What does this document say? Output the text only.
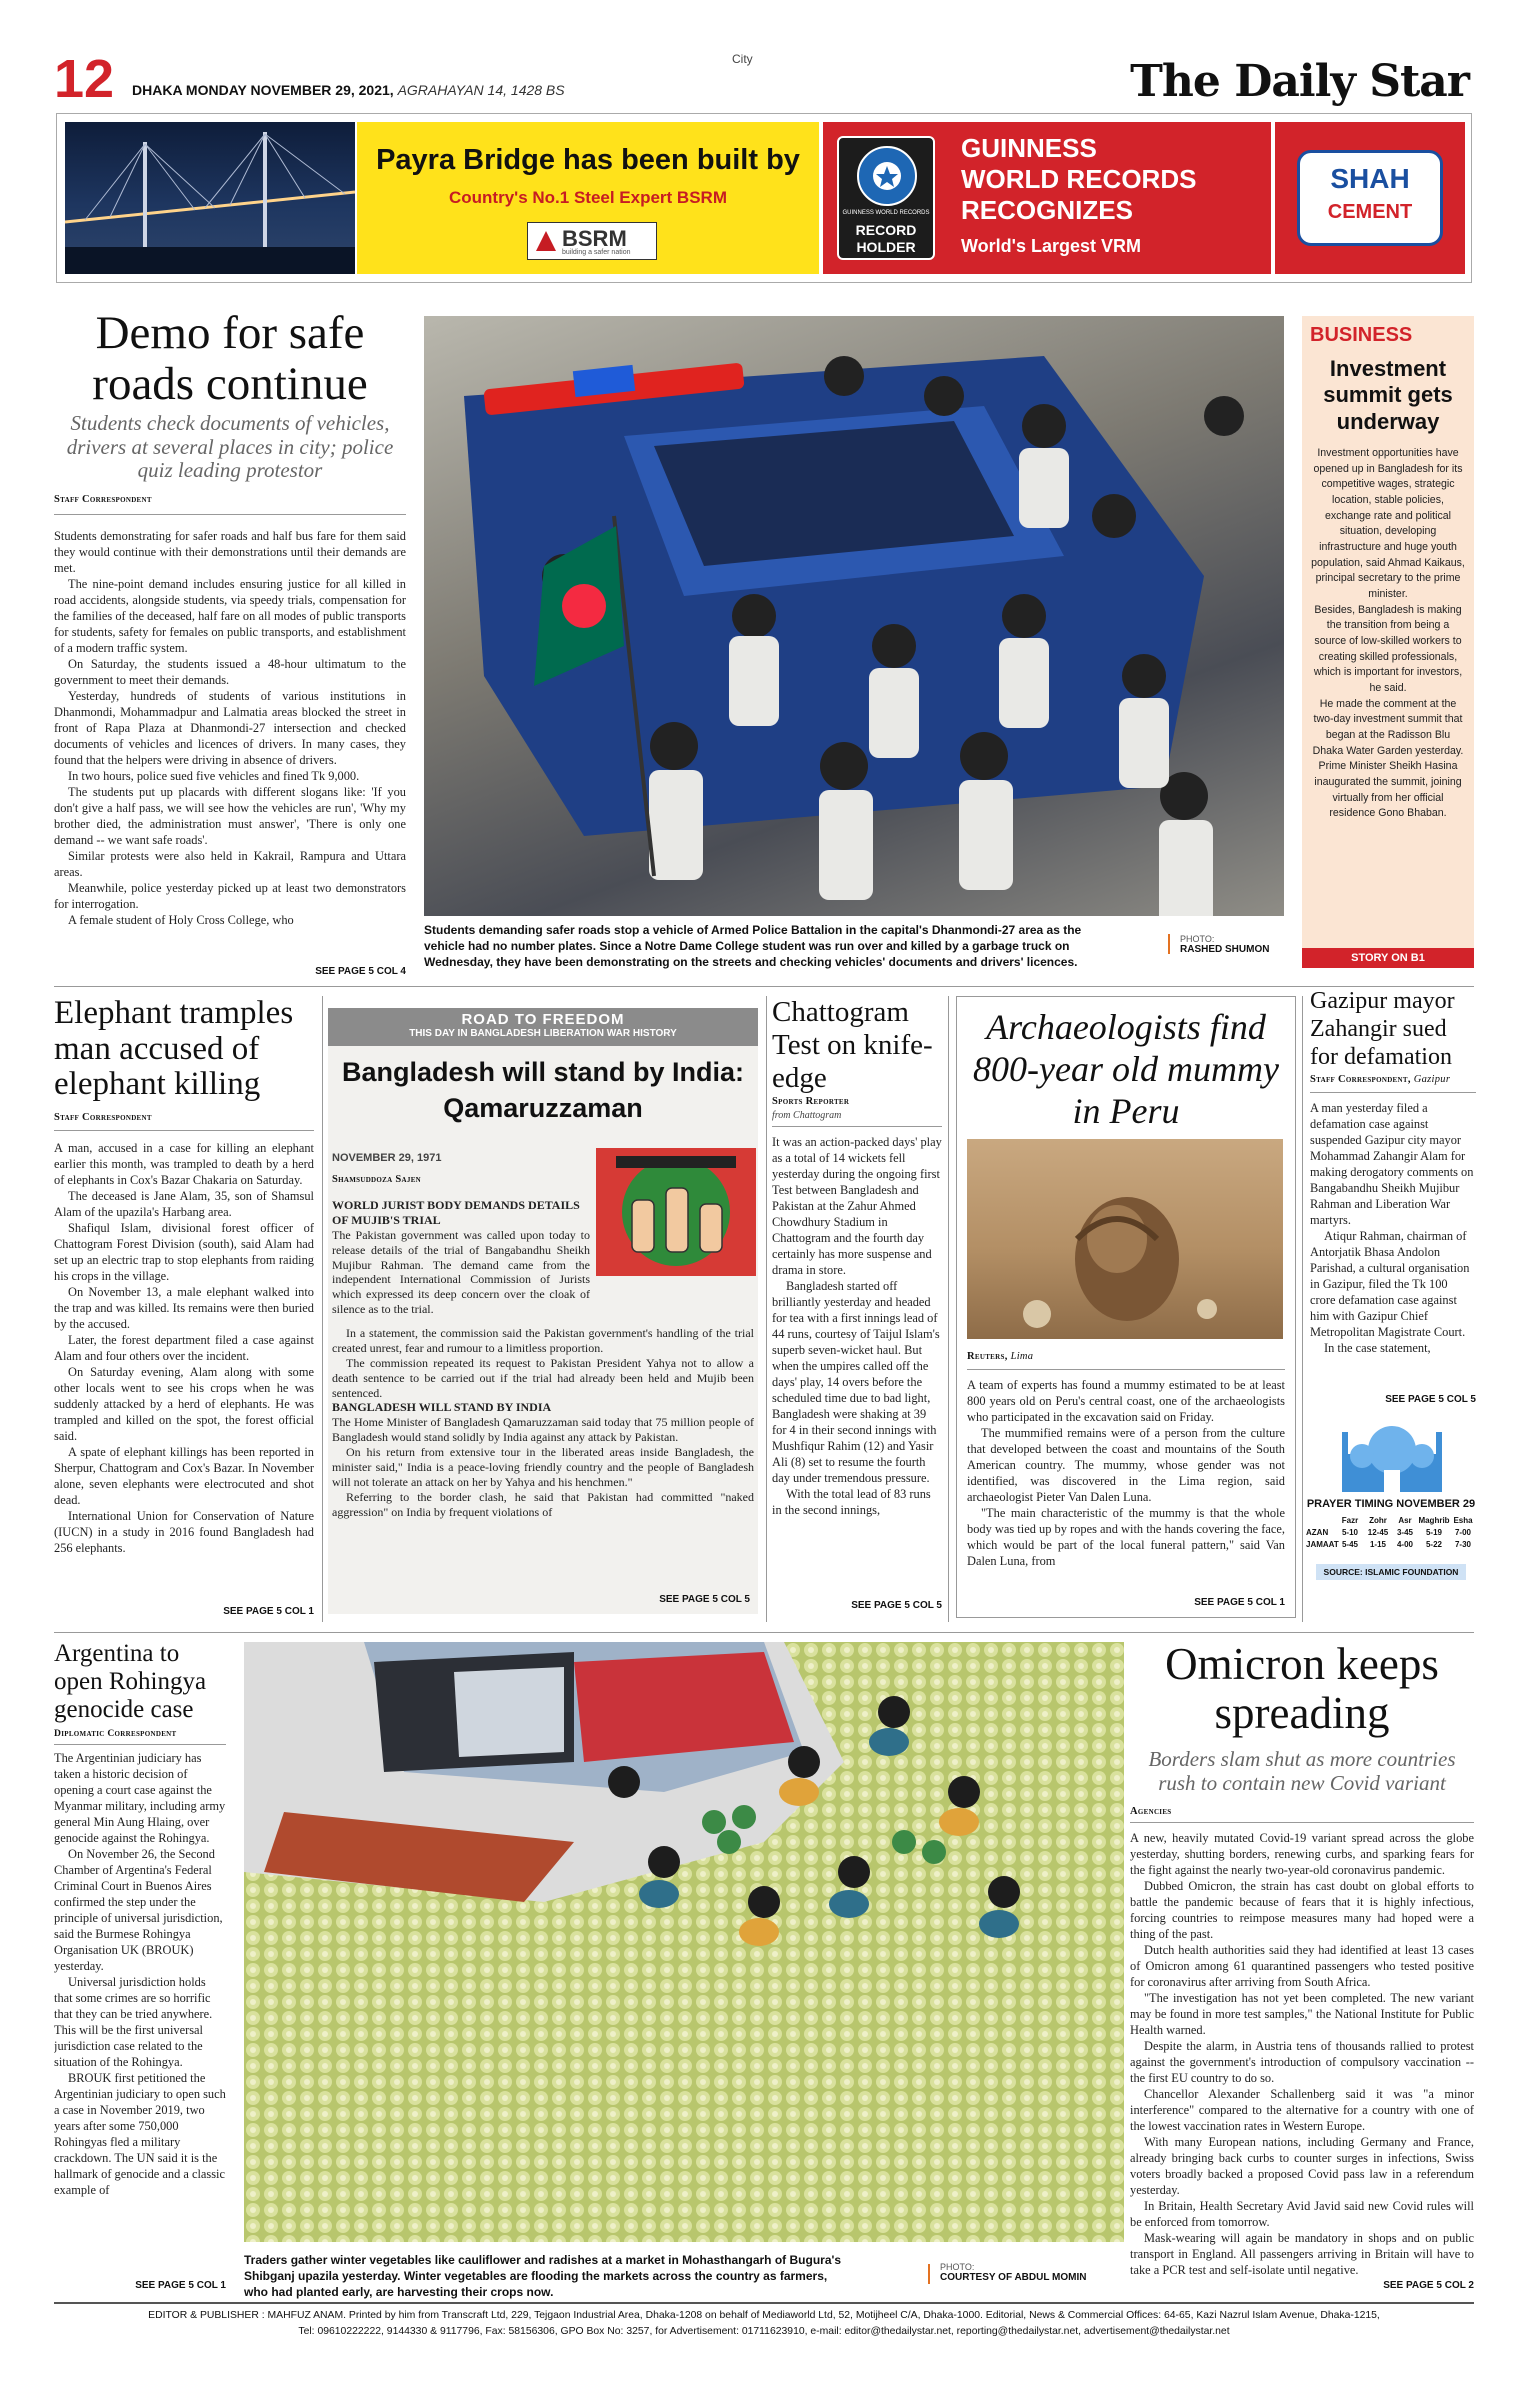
12 DHAKA MONDAY NOVEMBER 29, 2021, AGRAHAYAN 14, 1428 BS
City	The Daily Star
Payra Bridge has been built by
Country's No.1 Steel Expert BSRM
BSRM
building a safer nation
GUINNESS WORLD RECORDS
RECORD
HOLDER
GUINNESS
WORLD RECORDS
RECOGNIZES
World's Largest VRM
SHAH
CEMENT
Demo for safe roads continue
Students check documents of vehicles, drivers at several places in city; police quiz leading protestor
Staff Correspondent

Students demonstrating for safer roads and half bus fare for them said they would continue with their demonstrations until their demands are met.

The nine-point demand includes ensuring justice for all killed in road accidents, alongside students, via speedy trials, compensation for the families of the deceased, half fare on all modes of public transports for students, safety for females on public transports, and establishment of a modern traffic system.

On Saturday, the students issued a 48-hour ultimatum to the government to meet their demands.

Yesterday, hundreds of students of various institutions in Dhanmondi, Mohammadpur and Lalmatia areas blocked the street in front of Rapa Plaza at Dhanmondi-27 intersection and checked documents of vehicles and licences of drivers. In many cases, they found that the helpers were driving in absence of drivers.

In two hours, police sued five vehicles and fined Tk 9,000.

The students put up placards with different slogans like: 'If you don't give a half pass, we will see how the vehicles are run', 'Why my brother died, the administration must answer', 'There is only one demand -- we want safe roads'.

Similar protests were also held in Kakrail, Rampura and Uttara areas.

Meanwhile, police yesterday picked up at least two demonstrators for interrogation.

A female student of Holy Cross College, who

SEE PAGE 5 COL 4
Students demanding safer roads stop a vehicle of Armed Police Battalion in the capital's Dhanmondi-27 area as the vehicle had no number plates. Since a Notre Dame College student was run over and killed by a garbage truck on Wednesday, they have been demonstrating on the streets and checking vehicles' documents and drivers' licences.
PHOTO:
RASHED SHUMON
BUSINESS
Investment summit gets underway

Investment opportunities have opened up in Bangladesh for its competitive wages, strategic location, stable policies, exchange rate and political situation, developing infrastructure and huge youth population, said Ahmad Kaikaus, principal secretary to the prime minister.

Besides, Bangladesh is making the transition from being a source of low-skilled workers to creating skilled professionals, which is important for investors, he said.

He made the comment at the two-day investment summit that began at the Radisson Blu Dhaka Water Garden yesterday. Prime Minister Sheikh Hasina inaugurated the summit, joining virtually from her official residence Gono Bhaban.

STORY ON B1
Elephant tramples man accused of elephant killing
Staff Correspondent

A man, accused in a case for killing an elephant earlier this month, was trampled to death by a herd of elephants in Cox's Bazar Chakaria on Saturday.

The deceased is Jane Alam, 35, son of Shamsul Alam of the upazila's Harbang area.

Shafiqul Islam, divisional forest officer of Chattogram Forest Division (south), said Alam had set up an electric trap to stop elephants from raiding his crops in the village.

On November 13, a male elephant walked into the trap and was killed. Its remains were then buried by the accused.

Later, the forest department filed a case against Alam and four others over the incident.

On Saturday evening, Alam along with some other locals went to see his crops when he was suddenly attacked by a herd of elephants. He was trampled and killed on the spot, the forest official said.

A spate of elephant killings has been reported in Sherpur, Chattogram and Cox's Bazar. In November alone, seven elephants were electrocuted and shot dead.

International Union for Conservation of Nature (IUCN) in a study in 2016 found Bangladesh had 256 elephants.

SEE PAGE 5 COL 1
ROAD TO FREEDOM
THIS DAY IN BANGLADESH LIBERATION WAR HISTORY
Bangladesh will stand by India: Qamaruzzaman
NOVEMBER 29, 1971
Shamsuddoza Sajen
WORLD JURIST BODY DEMANDS DETAILS OF MUJIB'S TRIAL

The Pakistan government was called upon today to release details of the trial of Bangabandhu Sheikh Mujibur Rahman. The demand came from the independent International Commission of Jurists which expressed its deep concern over the cloak of silence as to the trial.

In a statement, the commission said the Pakistan government's handling of the trial created unrest, fear and rumour to a limitless proportion.

The commission repeated its request to Pakistan President Yahya not to allow a death sentence to be carried out if the trial had already been held and Mujib been sentenced.

BANGLADESH WILL STAND BY INDIA

The Home Minister of Bangladesh Qamaruzzaman said today that 75 million people of Bangladesh would stand solidly by India against any attack by Pakistan.

On his return from extensive tour in the liberated areas inside Bangladesh, the minister said," India is a peace-loving friendly country and the people of Bangladesh will not tolerate an attack on her by Yahya and his henchmen."

Referring to the border clash, he said that Pakistan had committed "naked aggression" on India by frequent violations of

SEE PAGE 5 COL 5
Chattogram Test on knife-edge
Sports Reporter
from Chattogram

It was an action-packed days' play as a total of 14 wickets fell yesterday during the ongoing first Test between Bangladesh and Pakistan at the Zahur Ahmed Chowdhury Stadium in Chattogram and the fourth day certainly has more suspense and drama in store.

Bangladesh started off brilliantly yesterday and headed for tea with a first innings lead of 44 runs, courtesy of Taijul Islam's superb seven-wicket haul. But when the umpires called off the days' play, 14 overs before the scheduled time due to bad light, Bangladesh were shaking at 39 for 4 in their second innings with Mushfiqur Rahim (12) and Yasir Ali (8) set to resume the fourth day under tremendous pressure.

With the total lead of 83 runs in the second innings,

SEE PAGE 5 COL 5
Archaeologists find 800-year old mummy in Peru
Reuters, Lima

A team of experts has found a mummy estimated to be at least 800 years old on Peru's central coast, one of the archaeologists who participated in the excavation said on Friday.

The mummified remains were of a person from the culture that developed between the coast and mountains of the South American country. The mummy, whose gender was not identified, was discovered in the Lima region, said archaeologist Pieter Van Dalen Luna.

"The main characteristic of the mummy is that the whole body was tied up by ropes and with the hands covering the face, which would be part of the local funeral pattern," said Van Dalen Luna, from

SEE PAGE 5 COL 1
Gazipur mayor Zahangir sued for defamation
Staff Correspondent, Gazipur

A man yesterday filed a defamation case against suspended Gazipur city mayor Mohammad Zahangir Alam for making derogatory comments on Bangabandhu Sheikh Mujibur Rahman and Liberation War martyrs.

Atiqur Rahman, chairman of Antorjatik Bhasa Andolon Parishad, a cultural organisation in Gazipur, filed the Tk 100 crore defamation case against him with Gazipur Chief Metropolitan Magistrate Court.

In the case statement,

SEE PAGE 5 COL 5
PRAYER TIMING NOVEMBER 29
Fazr	Zohr	Asr Maghrib Esha
AZAN	5-10	12-45	3-45	5-19	7-00
JAMAAT 5-45	1-15	4-00	5-22	7-30
SOURCE: ISLAMIC FOUNDATION
Argentina to open Rohingya genocide case
Diplomatic Correspondent

The Argentinian judiciary has taken a historic decision of opening a court case against the Myanmar military, including army general Min Aung Hlaing, over genocide against the Rohingya.

On November 26, the Second Chamber of Argentina's Federal Criminal Court in Buenos Aires confirmed the step under the principle of universal jurisdiction, said the Burmese Rohingya Organisation UK (BROUK) yesterday.

Universal jurisdiction holds that some crimes are so horrific that they can be tried anywhere. This will be the first universal jurisdiction case related to the situation of the Rohingya.

BROUK first petitioned the Argentinian judiciary to open such a case in November 2019, two years after some 750,000 Rohingyas fled a military crackdown. The UN said it is the hallmark of genocide and a classic example of

SEE PAGE 5 COL 1
Traders gather winter vegetables like cauliflower and radishes at a market in Mohasthangarh of Bugura's Shibganj upazila yesterday. Winter vegetables are flooding the markets across the country as farmers, who had planted early, are harvesting their crops now.
PHOTO:
COURTESY OF ABDUL MOMIN
Omicron keeps spreading
Borders slam shut as more countries rush to contain new Covid variant
Agencies

A new, heavily mutated Covid-19 variant spread across the globe yesterday, shutting borders, renewing curbs, and sparking fears for the fight against the nearly two-year-old coronavirus pandemic.

Dubbed Omicron, the strain has cast doubt on global efforts to battle the pandemic because of fears that it is highly infectious, forcing countries to reimpose measures many had hoped were a thing of the past.

Dutch health authorities said they had identified at least 13 cases of Omicron among 61 quarantined passengers who tested positive for coronavirus after arriving from South Africa.

"The investigation has not yet been completed. The new variant may be found in more test samples," the National Institute for Public Health warned.

Despite the alarm, in Austria tens of thousands rallied to protest against the government's introduction of compulsory vaccination -- the first EU country to do so.

Chancellor Alexander Schallenberg said it was "a minor interference" compared to the alternative for a country with one of the lowest vaccination rates in Western Europe.

With many European nations, including Germany and France, already bringing back curbs to counter surges in infections, Swiss voters broadly backed a proposed Covid pass law in a referendum yesterday.

In Britain, Health Secretary Avid Javid said new Covid rules will be enforced from tomorrow.

Mask-wearing will again be mandatory in shops and on public transport in England. All passengers arriving in Britain will have to take a PCR test and self-isolate until negative.

SEE PAGE 5 COL 2
EDITOR & PUBLISHER : MAHFUZ ANAM. Printed by him from Transcraft Ltd, 229, Tejgaon Industrial Area, Dhaka-1208 on behalf of Mediaworld Ltd, 52, Motijheel C/A, Dhaka-1000. Editorial, News & Commercial Offices: 64-65, Kazi Nazrul Islam Avenue, Dhaka-1215,
Tel: 09610222222, 9144330 & 9117796, Fax: 58156306, GPO Box No: 3257, for Advertisement: 01711623910, e-mail: editor@thedailystar.net, reporting@thedailystar.net, advertisement@thedailystar.net
